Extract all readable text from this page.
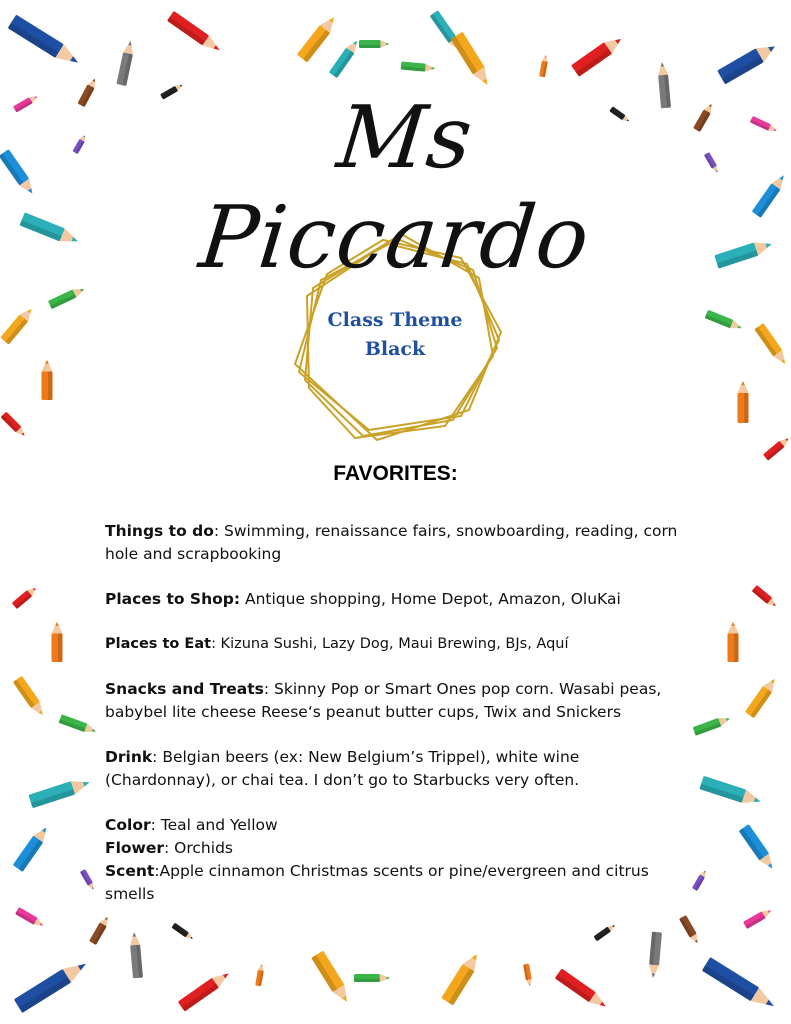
Ms Piccardo
Class Theme
Black
FAVORITES:

Things to do: Swimming, renaissance fairs, snowboarding, reading, corn hole and scrapbooking

Places to Shop: Antique shopping, Home Depot, Amazon, OluKai

Places to Eat: Kizuna Sushi, Lazy Dog, Maui Brewing, BJs, Aquí

Snacks and Treats: Skinny Pop or Smart Ones pop corn. Wasabi peas, babybel lite cheese Reese‘s peanut butter cups, Twix and Snickers

Drink: Belgian beers (ex: New Belgium’s Trippel), white wine (Chardonnay), or chai tea. I don’t go to Starbucks very often.

Color: Teal and Yellow

Flower: Orchids

Scent:Apple cinnamon Christmas scents or pine/evergreen and citrus smells
